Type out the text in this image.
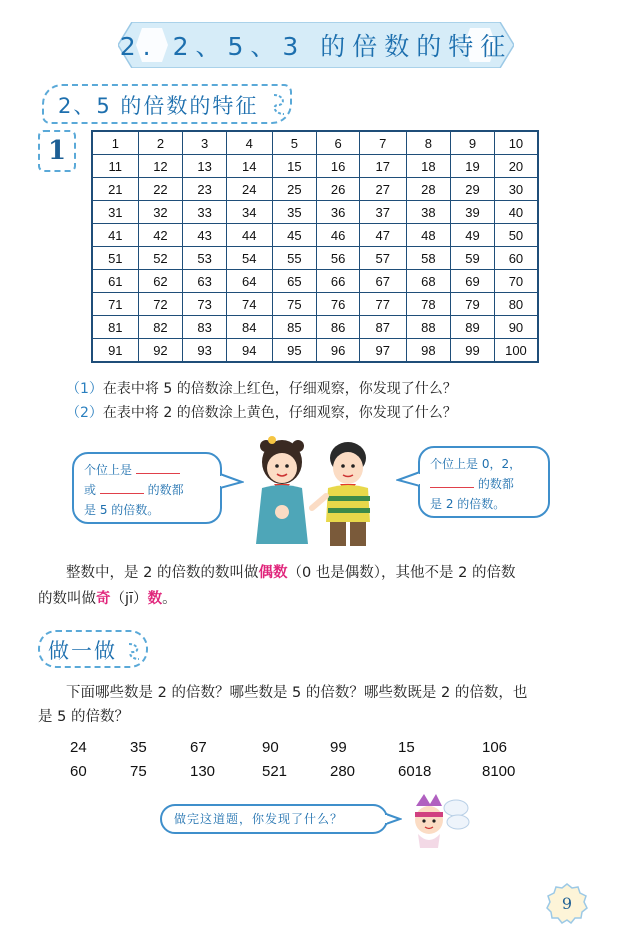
2. 2、5、3 的倍数的特征
2、5 的倍数的特征
1	1	2	3	4	5	6	7	8	9	10
11	12	13	14	15	16	17	18	19	20
21	22	23	24	25	26	27	28	29	30
31	32	33	34	35	36	37	38	39	40
41	42	43	44	45	46	47	48	49	50
51	52	53	54	55	56	57	58	59	60
61	62	63	64	65	66	67	68	69	70
71	72	73	74	75	76	77	78	79	80
81	82	83	84	85	86	87	88	89	90
91	92	93	94	95	96	97	98	99	100
（1）在表中将 5 的倍数涂上红色，仔细观察，你发现了什么？
（2）在表中将 2 的倍数涂上黄色，仔细观察，你发现了什么？
个位上是
或	的数都
是 5 的倍数。
个位上是 0，2，
的数都
是 2 的倍数。
整数中，是 2 的倍数的数叫做偶数（0 也是偶数），其他不是 2 的倍数
的数叫做奇（jī）数。
做一做
下面哪些数是 2 的倍数？哪些数是 5 的倍数？哪些数既是 2 的倍数，也
是 5 的倍数？
24	35	67	90	99	15	106
60	75	130	521	280	6018	8100
做完这道题，你发现了什么？
9
